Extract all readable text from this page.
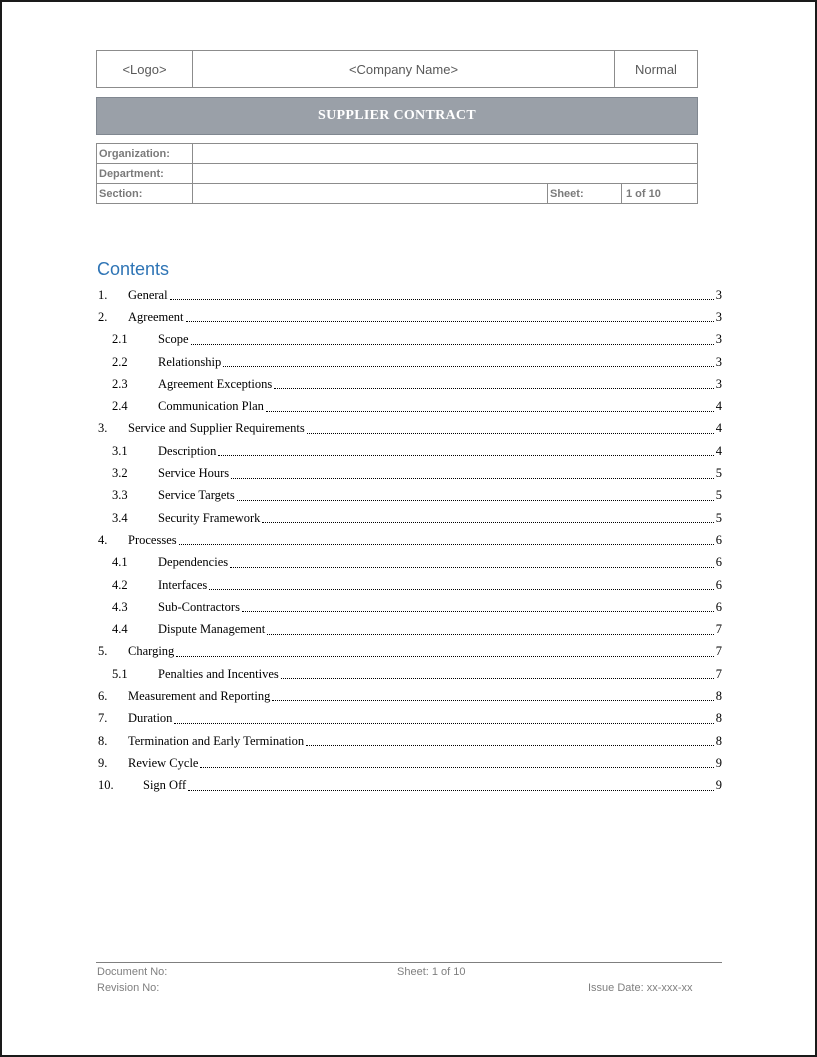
<Logo>	<Company Name>	Normal
SUPPLIER CONTRACT
Organization:			
Department:			
Section:		Sheet:	1 of 10
Contents
1. General	3
2. Agreement	3
2.1 Scope	3
2.2 Relationship	3
2.3 Agreement Exceptions	3
2.4 Communication Plan	4
3. Service and Supplier Requirements	4
3.1 Description	4
3.2 Service Hours	5
3.3 Service Targets	5
3.4 Security Framework	5
4. Processes	6
4.1 Dependencies	6
4.2 Interfaces	6
4.3 Sub-Contractors	6
4.4 Dispute Management	7
5. Charging	7
5.1 Penalties and Incentives	7
6. Measurement and Reporting	8
7. Duration	8
8. Termination and Early Termination	8
9. Review Cycle	9
10. Sign Off	9
Document No:	Sheet: 1 of 10
Revision No:	Issue Date: xx-xxx-xx
